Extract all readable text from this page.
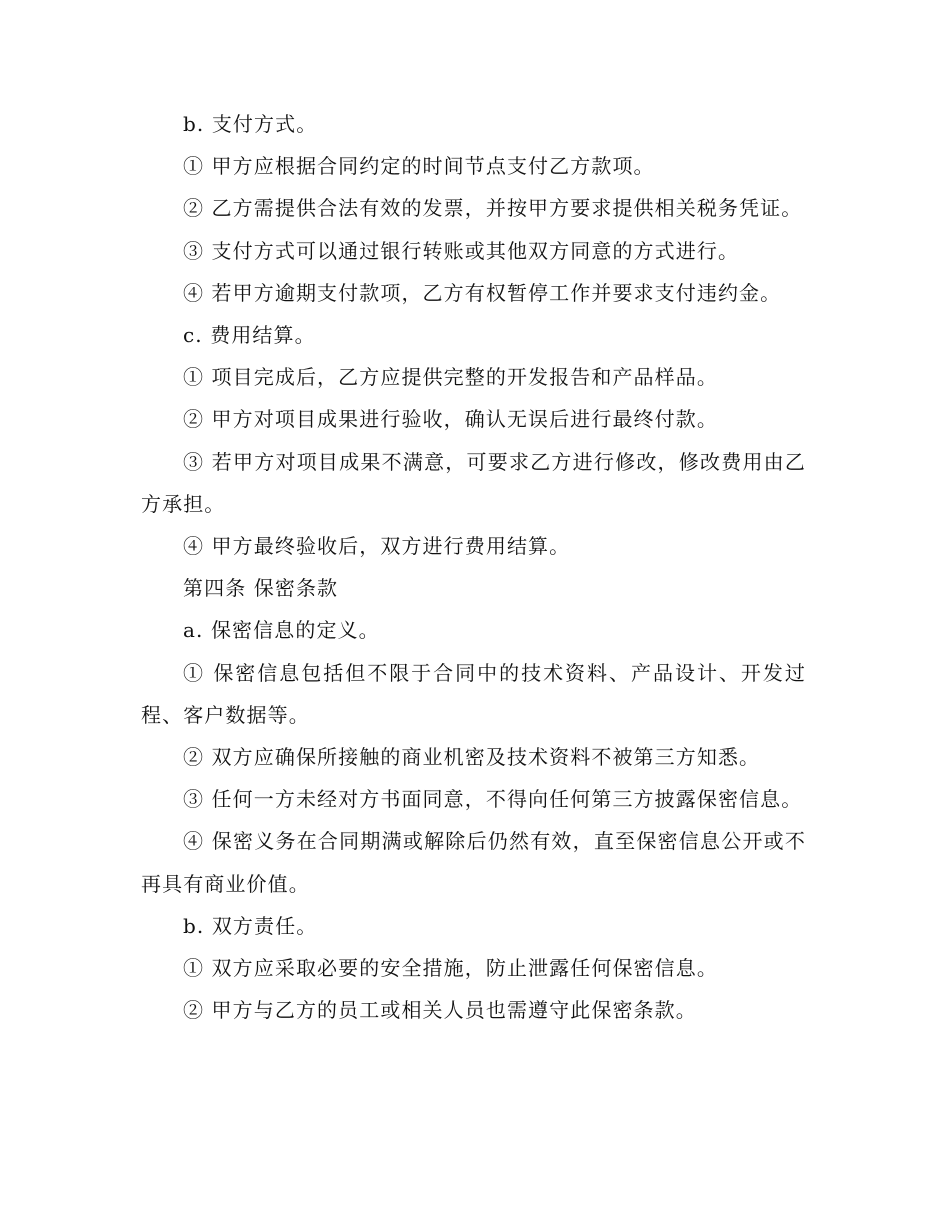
b. 支付方式。

① 甲方应根据合同约定的时间节点支付乙方款项。

② 乙方需提供合法有效的发票，并按甲方要求提供相关税务凭证。

③ 支付方式可以通过银行转账或其他双方同意的方式进行。

④ 若甲方逾期支付款项，乙方有权暂停工作并要求支付违约金。

c. 费用结算。

① 项目完成后，乙方应提供完整的开发报告和产品样品。

② 甲方对项目成果进行验收，确认无误后进行最终付款。

③ 若甲方对项目成果不满意，可要求乙方进行修改，修改费用由乙方承担。

④ 甲方最终验收后，双方进行费用结算。

第四条 保密条款

a. 保密信息的定义。

① 保密信息包括但不限于合同中的技术资料、产品设计、开发过程、客户数据等。

② 双方应确保所接触的商业机密及技术资料不被第三方知悉。

③ 任何一方未经对方书面同意，不得向任何第三方披露保密信息。

④ 保密义务在合同期满或解除后仍然有效，直至保密信息公开或不再具有商业价值。

b. 双方责任。

① 双方应采取必要的安全措施，防止泄露任何保密信息。

② 甲方与乙方的员工或相关人员也需遵守此保密条款。
